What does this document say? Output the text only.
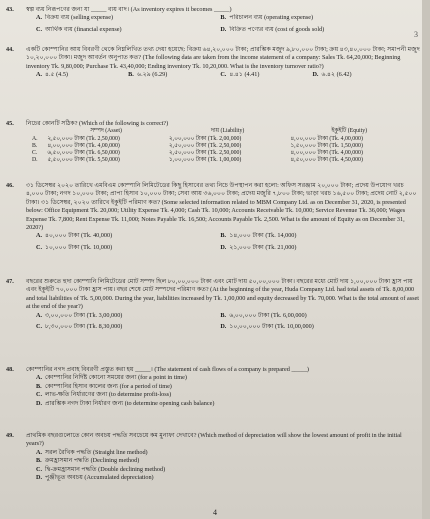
3
43.	স্বল্প ব্যয় নিরূপণের জন্য যা _____ ব্যয় বাদ। (As inventory expires it becomes _____)
A. বিক্রয় ব্যয় (selling expense)	B. পরিচালন ব্যয় (operating expense) C. আর্থিক ব্যয় (financial expense)	D. বিক্রিত পণ্যের ব্যয় (cost of goods sold)
44.	একটি কোম্পানির আয় বিবরণী থেকে নিম্নলিখিত তথ্য দেয়া হয়েছে: বিক্রয় ৬৪,২০,০০০ টাকা; প্রারম্ভিক মজুদ ৯,৮০,০০০ টাকা; ক্রয় ৪৩,৪০,০০০ টাকা; সমাপনী মজুদ ১০,২০,০০০ টাকা। মজুদ আবর্তন অনুপাত কত? (The following data are taken from the income statement of a company: Sales Tk. 64,20,000; Beginning inventory Tk. 9,80,000; Purchase Tk. 43,40,000; Ending inventory Tk. 10,20,000. What is the inventory turnover ratio?)
A. ৪.৫ (4.5)	B. ৬.২৯ (6.29)	C. ৪.৪১ (4.41)	D. ৬.৪২ (6.42)
45.	নিচের কোনটি সঠিক? (Which of the following is correct?)
	সম্পদ (Asset)	দায় (Liability)	ইকুইটি (Equity)
A.	২,৫০,০০০ টাকা (Tk. 2,50,000)	২,০০,০০০ টাকা (Tk. 2,00,000)	৪,০০,০০০ টাকা (Tk. 4,00,000)
B.	৪,০০,০০০ টাকা (Tk. 4,00,000)	২,৫০,০০০ টাকা (Tk. 2,50,000)	১,৫০,০০০ টাকা (Tk. 1,50,000)
C.	৬,৫০,০০০ টাকা (Tk. 6,50,000)	২,৫০,০০০ টাকা (Tk. 2,50,000)	৪,০০,০০০ টাকা (Tk. 4,00,000)
D.	৫,৫০,০০০ টাকা (Tk. 5,50,000)	১,০০,০০০ টাকা (Tk. 1,00,000)	৪,৫০,০০০ টাকা (Tk. 4,50,000)
46.	৩১ ডিসেম্বর ২০২০ তারিখে এমবিএম কোম্পানি লিমিটেডের কিছু হিসাবের তথ্য নিচে উপস্থাপন করা হলো: অফিস সরঞ্জাম ২০,০০০ টাকা; প্রদেয় উপযোগ খরচ ৪,০০০ টাকা; নগদ ১০,০০০ টাকা; প্রাপ্য হিসাব ১০,০০০ টাকা; সেবা আয় ৩৬,০০০ টাকা; প্রদেয় মজুরি ৭,৮০০ টাকা; ভাড়া খরচ ১৬,৫০০ টাকা; প্রদেয় নোট ২,৫০০ টাকা। ৩১ ডিসেম্বর, ২০২০ তারিখে ইকুইটি পরিমাণ কত? (Some selected information related to MBM Company Ltd. as on December 31, 2020, is presented below: Office Equipment Tk. 20,000; Utility Expense Tk. 4,000; Cash Tk. 10,000; Accounts Receivable Tk. 10,000; Service Revenue Tk. 36,000; Wages Expense Tk. 7,800; Rent Expense Tk. 11,000; Notes Payable Tk. 16,500; Accounts Payable Tk. 2,500. What is the amount of Equity as on December 31, 2020?)
A. ৪০,০০০ টাকা (Tk. 40,000)	B. ১৪,০০০ টাকা (Tk. 14,000) C. ১০,০০০ টাকা (Tk. 10,000)	D. ২১,০০০ টাকা (Tk. 21,000)
47.	বছরের শুরুতে হুদা কোম্পানি লিমিটেডের মোট সম্পদ ছিল ৮০,০০,০০০ টাকা এবং মোট দায় ৫০,০০,০০০ টাকা। বছরের মধ্যে মোট দায় ১,০০,০০০ টাকা হ্রাস পায় এবং ইকুইটি ৭০,০০০ টাকা হ্রাস পায়। বছর শেষে মোট সম্পদের পরিমাণ কত? (At the beginning of the year, Huda Company Ltd. had total assets of Tk. 8,00,000 and total liabilities of Tk. 5,00,000. During the year, liabilities increased by Tk. 1,00,000 and equity decreased by Tk. 70,000. What is the total amount of asset at the end of the year?)
A. ৩,০০,০০০ টাকা (Tk. 3,00,000)	B. ৬,০০,০০০ টাকা (Tk. 6,00,000) C. ৮,৩০,০০০ টাকা (Tk. 8,30,000)	D. ১০,০০,০০০ টাকা (Tk. 10,00,000)
48.	কোম্পানির নগদ প্রবাহ বিবরণী প্রস্তুত করা হয় _____। (The statement of cash flows of a company is prepared _____)
A. কোম্পানির নির্দিষ্ট কোনো সময়ের জন্য (for a point in time)
B. কোম্পানির হিসাব কালের জন্য (for a period of time)
C. লাভ-ক্ষতি নির্ধারণের জন্য (to determine profit-loss)
D. প্রারম্ভিক নগদ টাকা নির্ধারণ জন্য (to determine opening cash balance)
49.	প্রাথমিক বছরগুলোতে কোন অবচয় পদ্ধতি সবচেয়ে কম মুনাফা দেখাবে? (Which method of depreciation will show the lowest amount of profit in the initial years?)
A. সরল রৈখিক পদ্ধতি (Straight line method)
B. ক্রমহ্রাসমান পদ্ধতি (Declining method)
C. দ্বি-ক্রমহ্রাসমান পদ্ধতি (Double declining method)
D. পুঞ্জীভূত অবচয় (Accumulated depreciation)
4
